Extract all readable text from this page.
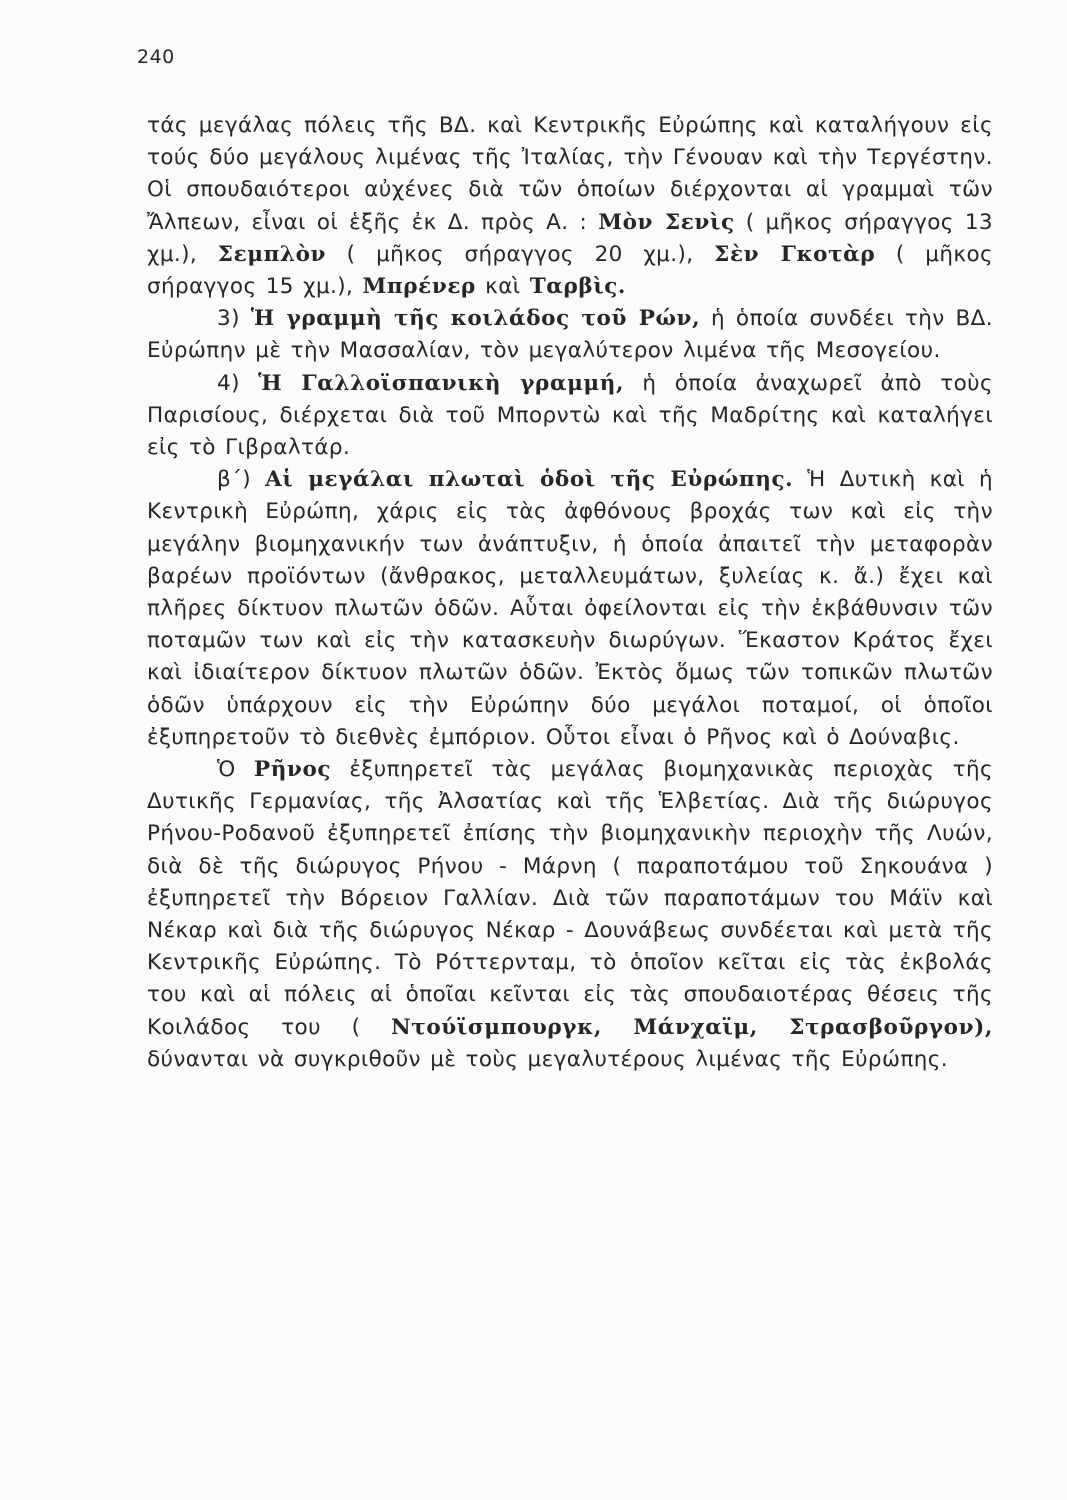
240

τάς μεγάλας πόλεις τῆς ΒΔ. καὶ Κεντρικῆς Εὐρώπης καὶ καταλήγουν εἰς τούς δύο μεγάλους λιμένας τῆς Ἰταλίας, τὴν Γένουαν καὶ τὴν Τεργέστην. Οἱ σπουδαιότεροι αὐχένες διὰ τῶν ὁποίων διέρχονται αἱ γραμμαὶ τῶν Ἄλπεων, εἶναι οἱ ἑξῆς ἐκ Δ. πρὸς Α. : Μὸν Σενὶς ( μῆκος σήραγγος 13 χμ.), Σεμπλὸν ( μῆκος σήραγγος 20 χμ.), Σὲν Γκοτὰρ ( μῆκος σήραγγος 15 χμ.), Μπρένερ καὶ Ταρβὶς.

3) Ἡ γραμμὴ τῆς κοιλάδος τοῦ Ρών, ἡ ὁποία συνδέει τὴν ΒΔ. Εὐρώπην μὲ τὴν Μασσαλίαν, τὸν μεγαλύτερον λιμένα τῆς Μεσογείου.

4) Ἡ Γαλλοϊσπανικὴ γραμμή, ἡ ὁποία ἀναχωρεῖ ἀπὸ τοὺς Παρισίους, διέρχεται διὰ τοῦ Μπορντὼ καὶ τῆς Μαδρίτης καὶ καταλήγει εἰς τὸ Γιβραλτάρ.

β´) Αἱ μεγάλαι πλωταὶ ὁδοὶ τῆς Εὐρώπης. Ἡ Δυτικὴ καὶ ἡ Κεντρικὴ Εὐρώπη, χάρις εἰς τὰς ἀφθόνους βροχάς των καὶ εἰς τὴν μεγάλην βιομηχανικήν των ἀνάπτυξιν, ἡ ὁποία ἀπαιτεῖ τὴν μεταφορὰν βαρέων προϊόντων (ἄνθρακος, μεταλλευμάτων, ξυλείας κ. ἄ.) ἔχει καὶ πλῆρες δίκτυον πλωτῶν ὁδῶν. Αὗται ὀφείλονται εἰς τὴν ἐκβάθυνσιν τῶν ποταμῶν των καὶ εἰς τὴν κατασκευὴν διωρύγων. Ἕκαστον Κράτος ἔχει καὶ ἰδιαίτερον δίκτυον πλωτῶν ὁδῶν. Ἐκτὸς ὅμως τῶν τοπικῶν πλωτῶν ὁδῶν ὑπάρχουν εἰς τὴν Εὐρώπην δύο μεγάλοι ποταμοί, οἱ ὁποῖοι ἐξυπηρετοῦν τὸ διεθνὲς ἐμπόριον. Οὗτοι εἶναι ὁ Ρῆνος καὶ ὁ Δούναβις.

Ὁ Ρῆνος ἐξυπηρετεῖ τὰς μεγάλας βιομηχανικὰς περιοχὰς τῆς Δυτικῆς Γερμανίας, τῆς Ἀλσατίας καὶ τῆς Ἑλβετίας. Διὰ τῆς διώρυγος Ρήνου-Ροδανοῦ ἐξυπηρετεῖ ἐπίσης τὴν βιομηχανικὴν περιοχὴν τῆς Λυών, διὰ δὲ τῆς διώρυγος Ρήνου - Μάρνη ( παραποτάμου τοῦ Σηκουάνα ) ἐξυπηρετεῖ τὴν Βόρειον Γαλλίαν. Διὰ τῶν παραποτάμων του Μάϊν καὶ Νέκαρ καὶ διὰ τῆς διώρυγος Νέκαρ - Δουνάβεως συνδέεται καὶ μετὰ τῆς Κεντρικῆς Εὐρώπης. Τὸ Ρόττερνταμ, τὸ ὁποῖον κεῖται εἰς τὰς ἐκβολάς του καὶ αἱ πόλεις αἱ ὁποῖαι κεῖνται εἰς τὰς σπουδαιοτέρας θέσεις τῆς Κοιλάδος του ( Ντούϊσμπουργκ, Μάνχαϊμ, Στρασβοῦργον), δύνανται νὰ συγκριθοῦν μὲ τοὺς μεγαλυτέρους λιμένας τῆς Εὐρώπης.
